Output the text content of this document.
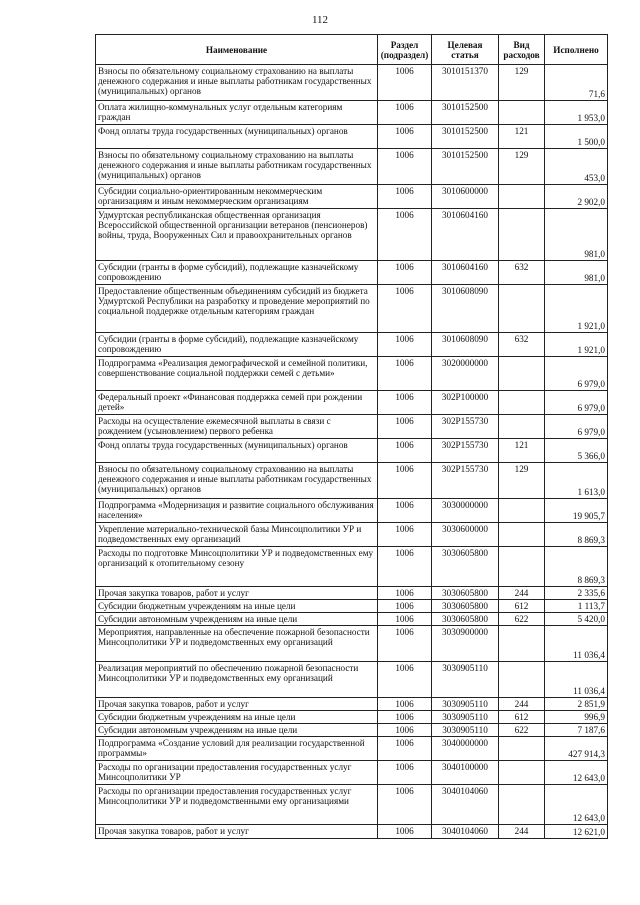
112
Наименование	Раздел (подраздел)	Целевая статья	Вид расходов	Исполнено
Взносы по обязательному социальному страхованию на выплаты денежного содержания и иные выплаты работникам государственных (муниципальных) органов	1006	3010151370	129	71,6
Оплата жилищно-коммунальных услуг отдельным категориям граждан	1006	3010152500		1 953,0
Фонд оплаты труда государственных (муниципальных) органов	1006	3010152500	121	1 500,0
Взносы по обязательному социальному страхованию на выплаты денежного содержания и иные выплаты работникам государственных (муниципальных) органов	1006	3010152500	129	453,0
Субсидии социально-ориентированным некоммерческим организациям и иным некоммерческим организациям	1006	3010600000		2 902,0
Удмуртская республиканская общественная организация Всероссийской общественной организации ветеранов (пенсионеров) войны, труда, Вооруженных Сил и правоохранительных органов	1006	3010604160		981,0
Субсидии (гранты в форме субсидий), подлежащие казначейскому сопровождению	1006	3010604160	632	981,0
Предоставление общественным объединениям субсидий из бюджета Удмуртской Республики на разработку и проведение мероприятий по социальной поддержке отдельным категориям граждан	1006	3010608090		1 921,0
Субсидии (гранты в форме субсидий), подлежащие казначейскому сопровождению	1006	3010608090	632	1 921,0
Подпрограмма «Реализация демографической и семейной политики, совершенствование социальной поддержки семей с детьми»	1006	3020000000		6 979,0
Федеральный проект «Финансовая поддержка семей при рождении детей»	1006	302P100000		6 979,0
Расходы на осуществление ежемесячной выплаты в связи с рождением (усыновлением) первого ребенка	1006	302P155730		6 979,0
Фонд оплаты труда государственных (муниципальных) органов	1006	302P155730	121	5 366,0
Взносы по обязательному социальному страхованию на выплаты денежного содержания и иные выплаты работникам государственных (муниципальных) органов	1006	302P155730	129	1 613,0
Подпрограмма «Модернизация и развитие социального обслуживания населения»	1006	3030000000		19 905,7
Укрепление материально-технической базы Минсоцполитики УР и подведомственных ему организаций	1006	3030600000		8 869,3
Расходы по подготовке Минсоцполитики УР и подведомственных ему организаций к отопительному сезону	1006	3030605800		8 869,3
Прочая закупка товаров, работ и услуг	1006	3030605800	244	2 335,6
Субсидии бюджетным учреждениям на иные цели	1006	3030605800	612	1 113,7
Субсидии автономным учреждениям на иные цели	1006	3030605800	622	5 420,0
Мероприятия, направленные на обеспечение пожарной безопасности Минсоцполитики УР и подведомственных ему организаций	1006	3030900000		11 036,4
Реализация мероприятий по обеспечению пожарной безопасности Минсоцполитики УР и подведомственных ему организаций	1006	3030905110		11 036,4
Прочая закупка товаров, работ и услуг	1006	3030905110	244	2 851,9
Субсидии бюджетным учреждениям на иные цели	1006	3030905110	612	996,9
Субсидии автономным учреждениям на иные цели	1006	3030905110	622	7 187,6
Подпрограмма «Создание условий для реализации государственной программы»	1006	3040000000		427 914,3
Расходы по организации предоставления государственных услуг Минсоцполитики УР	1006	3040100000		12 643,0
Расходы по организации предоставления государственных услуг Минсоцполитики УР и подведомственными ему организациями	1006	3040104060		12 643,0
Прочая закупка товаров, работ и услуг	1006	3040104060	244	12 621,0
